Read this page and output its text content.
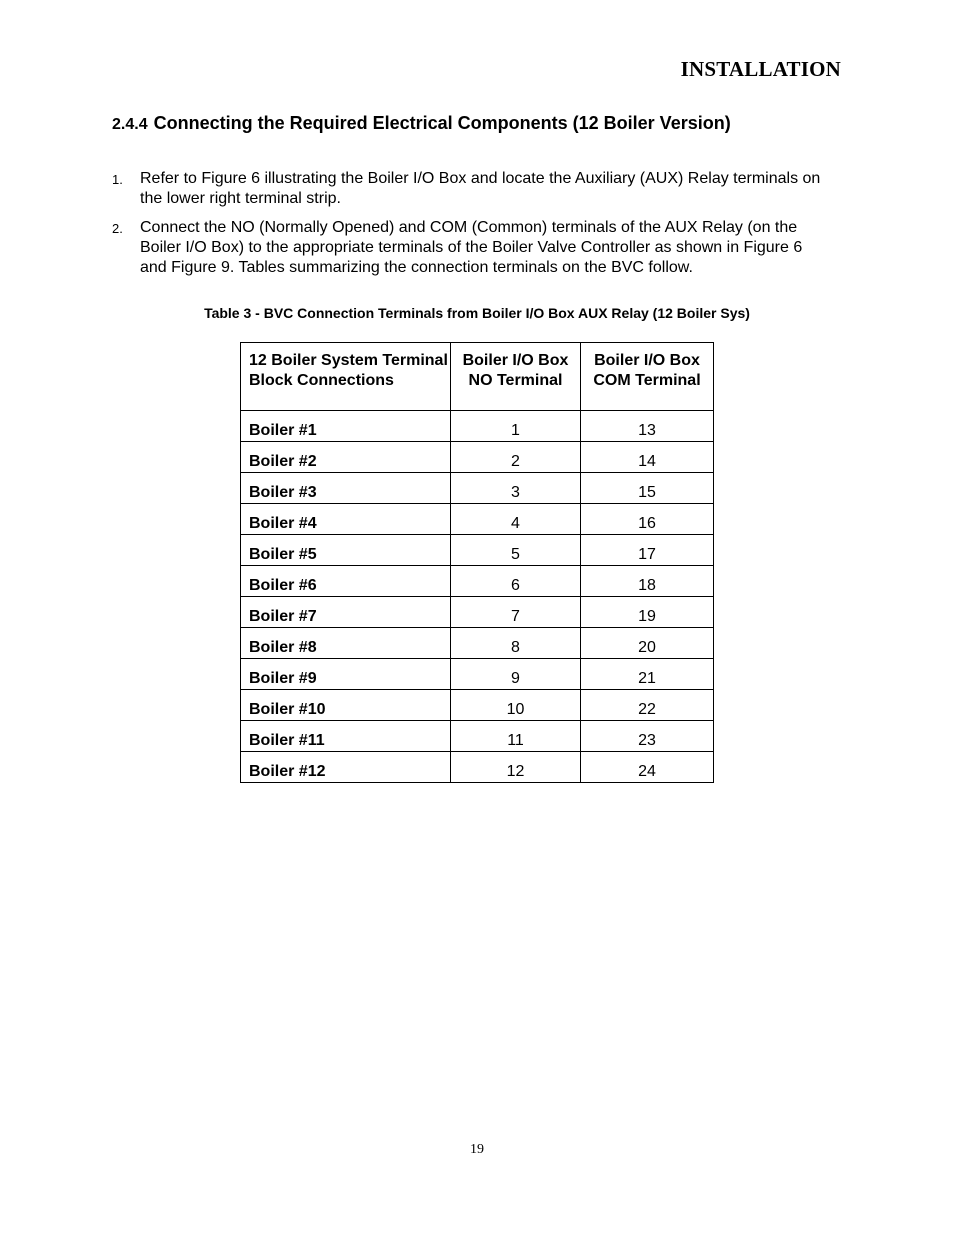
INSTALLATION
2.4.4 Connecting the Required Electrical Components (12 Boiler Version)
1. Refer to Figure 6 illustrating the Boiler I/O Box and locate the Auxiliary (AUX) Relay terminals on the lower right terminal strip.
2. Connect the NO (Normally Opened) and COM (Common) terminals of the AUX Relay (on the Boiler I/O Box) to the appropriate terminals of the Boiler Valve Controller as shown in Figure 6 and Figure 9. Tables summarizing the connection terminals on the BVC follow.
Table 3 - BVC Connection Terminals from Boiler I/O Box AUX Relay (12 Boiler Sys)
12 Boiler System Terminal Block Connections	Boiler I/O Box NO Terminal	Boiler I/O Box COM Terminal
Boiler #1	1	13
Boiler #2	2	14
Boiler #3	3	15
Boiler #4	4	16
Boiler #5	5	17
Boiler #6	6	18
Boiler #7	7	19
Boiler #8	8	20
Boiler #9	9	21
Boiler #10	10	22
Boiler #11	11	23
Boiler #12	12	24
19
